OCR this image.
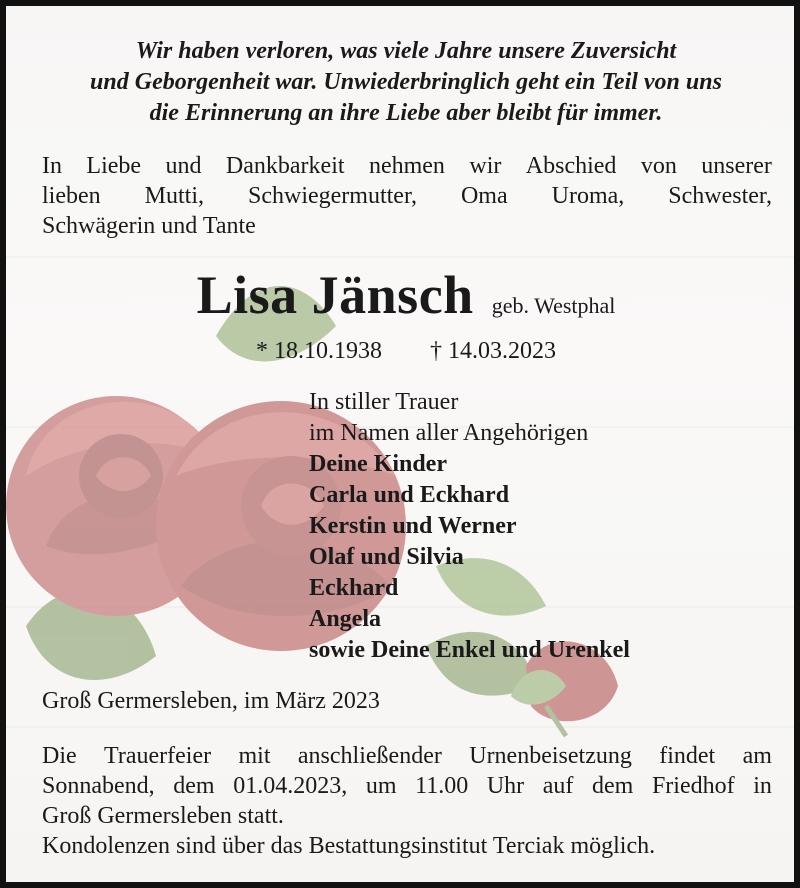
Wir haben verloren, was viele Jahre unsere Zuversicht
und Geborgenheit war. Unwiederbringlich geht ein Teil von uns
die Erinnerung an ihre Liebe aber bleibt für immer.
In Liebe und Dankbarkeit nehmen wir Abschied von unserer
lieben Mutti, Schwiegermutter, Oma Uroma, Schwester,
Schwägerin und Tante
Lisa Jänsch geb. Westphal
* 18.10.1938 † 14.03.2023
In stiller Trauer
im Namen aller Angehörigen
Deine Kinder
Carla und Eckhard
Kerstin und Werner
Olaf und Silvia
Eckhard
Angela
sowie Deine Enkel und Urenkel
Groß Germersleben, im März 2023
Die Trauerfeier mit anschließender Urnenbeisetzung findet am
Sonnabend, dem 01.04.2023, um 11.00 Uhr auf dem Friedhof in
Groß Germersleben statt.
Kondolenzen sind über das Bestattungsinstitut Terciak möglich.
